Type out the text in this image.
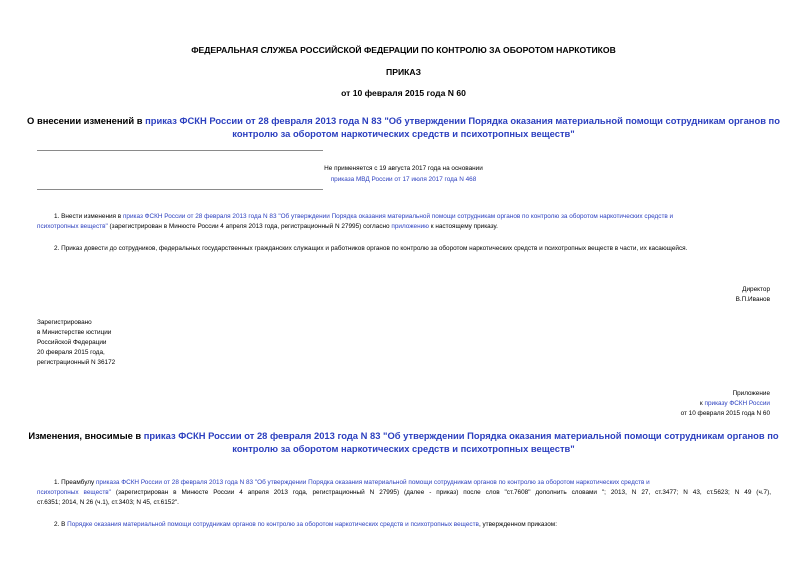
ФЕДЕРАЛЬНАЯ СЛУЖБА РОССИЙСКОЙ ФЕДЕРАЦИИ ПО КОНТРОЛЮ ЗА ОБОРОТОМ НАРКОТИКОВ
ПРИКАЗ
от 10 февраля 2015 года N 60
О внесении изменений в приказ ФСКН России от 28 февраля 2013 года N 83 "Об утверждении Порядка оказания материальной помощи сотрудникам органов по
контролю за оборотом наркотических средств и психотропных веществ"
Не применяется с 19 августа 2017 года на основании
приказа МВД России от 17 июля 2017 года N 468
1. Внести изменения в приказ ФСКН России от 28 февраля 2013 года N 83 "Об утверждении Порядка оказания материальной помощи сотрудникам органов по контролю за оборотом наркотических средств и
психотропных веществ" (зарегистрирован в Минюсте России 4 апреля 2013 года, регистрационный N 27995) согласно приложению к настоящему приказу.
2. Приказ довести до сотрудников, федеральных государственных гражданских служащих и работников органов по контролю за оборотом наркотических средств и психотропных веществ в части, их касающейся.
Директор
В.П.Иванов
Зарегистрировано
в Министерстве юстиции
Российской Федерации
20 февраля 2015 года,
регистрационный N 36172
Приложение
к приказу ФСКН России
от 10 февраля 2015 года N 60
Изменения, вносимые в приказ ФСКН России от 28 февраля 2013 года N 83 "Об утверждении Порядка оказания материальной помощи сотрудникам органов по
контролю за оборотом наркотических средств и психотропных веществ"
1. Преамбулу приказа ФСКН России от 28 февраля 2013 года N 83 "Об утверждении Порядка оказания материальной помощи сотрудникам органов по контролю за оборотом наркотических средств и
психотропных веществ" (зарегистрирован в Минюсте России 4 апреля 2013 года, регистрационный N 27995) (далее - приказ) после слов "ст.7608" дополнить словами "; 2013, N 27, ст.3477; N 43, ст.5623; N 49 (ч.7),
ст.6351; 2014, N 26 (ч.1), ст.3403; N 45, ст.6152".
2. В Порядке оказания материальной помощи сотрудникам органов по контролю за оборотом наркотических средств и психотропных веществ, утвержденном приказом:
